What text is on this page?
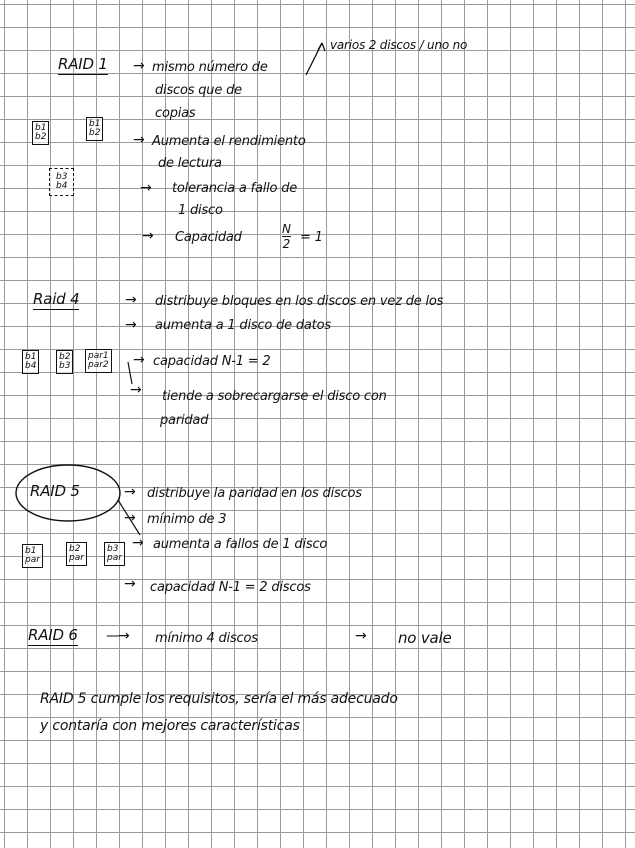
RAID 1
varios 2 discos / uno no
→ mismo número de
discos que de
copias
→ Aumenta el rendimiento
de lectura
→ tolerancia a fallo de
1 disco
→ Capacidad
N
2 = 1
b1
b2
b1
b2
b3
b4
Raid 4	→ distribuye bloques en los discos en vez de los
→ aumenta a 1 disco de datos
→ capacidad N-1 = 2
→ tiende a sobrecargarse el disco con
paridad
b1
b4
b2
b3
par1
par2
RAID 5	→ distribuye la paridad en los discos
→ mínimo de 3
→ aumenta a fallos de 1 disco
→ capacidad N-1 = 2 discos
b1
par
b2
par
b3
par
RAID 6 —→ mínimo 4 discos	→ no vale
RAID 5 cumple los requisitos, sería el más adecuado
y contaría con mejores características
